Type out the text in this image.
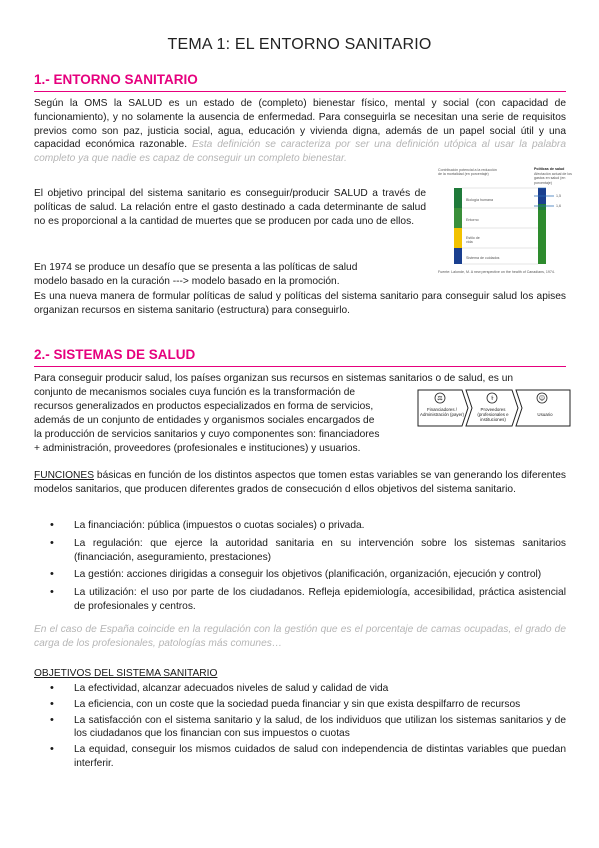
TEMA 1: EL ENTORNO SANITARIO
1.- ENTORNO SANITARIO

Según la OMS la SALUD es un estado de (completo) bienestar físico, mental y social (con capacidad de funcionamiento), y no solamente la ausencia de enfermedad. Para conseguirla se necesitan una serie de requisitos previos como son paz, justicia social, agua, educación y vivienda digna, además de un papel social útil y una capacidad económica razonable. Esta definición se caracteriza por ser una definición utópica al usar la palabra completo ya que nadie es capaz de conseguir un completo bienestar.

El objetivo principal del sistema sanitario es conseguir/producir SALUD a través de políticas de salud. La relación entre el gasto destinado a cada determinante de salud no es proporcional a la cantidad de muertes que se producen por cada uno de ellos.

En 1974 se produce un desafío que se presenta a las políticas de salud
modelo basado en la curación ---> modelo basado en la promoción.

Es una nueva manera de formular políticas de salud y políticas del sistema sanitario para conseguir salud los apises organizan recursos en sistema sanitario (estructura) para conseguirlo.

Contribución potencial a la reducción de la mortalidad (en porcentaje)
Políticas de salud
Afectación actual de los gastos en salud (en porcentaje)
Biología humana
Entorno
Estilo de vida
Sistema de cuidados
1,5
1,6
90,6
Fuente: Lalonde, M. A new perspective on the health of Canadians, 1974.
2.- SISTEMAS DE SALUD

Para conseguir producir salud, los países organizan sus recursos en sistemas sanitarios o de salud, es un

conjunto de mecanismos sociales cuya función es la transformación de

recursos generalizados en productos especializados en forma de servicios,

además de un conjunto de entidades y organismos sociales encargados de

la producción de servicios sanitarios y cuyo componentes son: financiadores

+ administración, proveedores (profesionales e instituciones) y usuarios.

⚖	⚕	☺
Financiadores / Administración (payer)
Proveedores (profesionales e instituciones)
Usuario

FUNCIONES básicas en función de los distintos aspectos que tomen estas variables se van generando los diferentes modelos sanitarios, que producen diferentes grados de consecución d ellos objetivos del sistema sanitario.

• La financiación: pública (impuestos o cuotas sociales) o privada.
• La regulación: que ejerce la autoridad sanitaria en su intervención sobre los sistemas sanitarios (financiación, aseguramiento, prestaciones)
• La gestión: acciones dirigidas a conseguir los objetivos (planificación, organización, ejecución y control)
• La utilización: el uso por parte de los ciudadanos. Refleja epidemiología, accesibilidad, práctica asistencial de profesionales y centros.

En el caso de España coincide en la regulación con la gestión que es el porcentaje de camas ocupadas, el grado de carga de los profesionales, patologías más comunes…

OBJETIVOS DEL SISTEMA SANITARIO

• La efectividad, alcanzar adecuados niveles de salud y calidad de vida
• La eficiencia, con un coste que la sociedad pueda financiar y sin que exista despilfarro de recursos
• La satisfacción con el sistema sanitario y la salud, de los individuos que utilizan los sistemas sanitarios y de los ciudadanos que los financian con sus impuestos o cuotas
• La equidad, conseguir los mismos cuidados de salud con independencia de distintas variables que puedan interferir.
